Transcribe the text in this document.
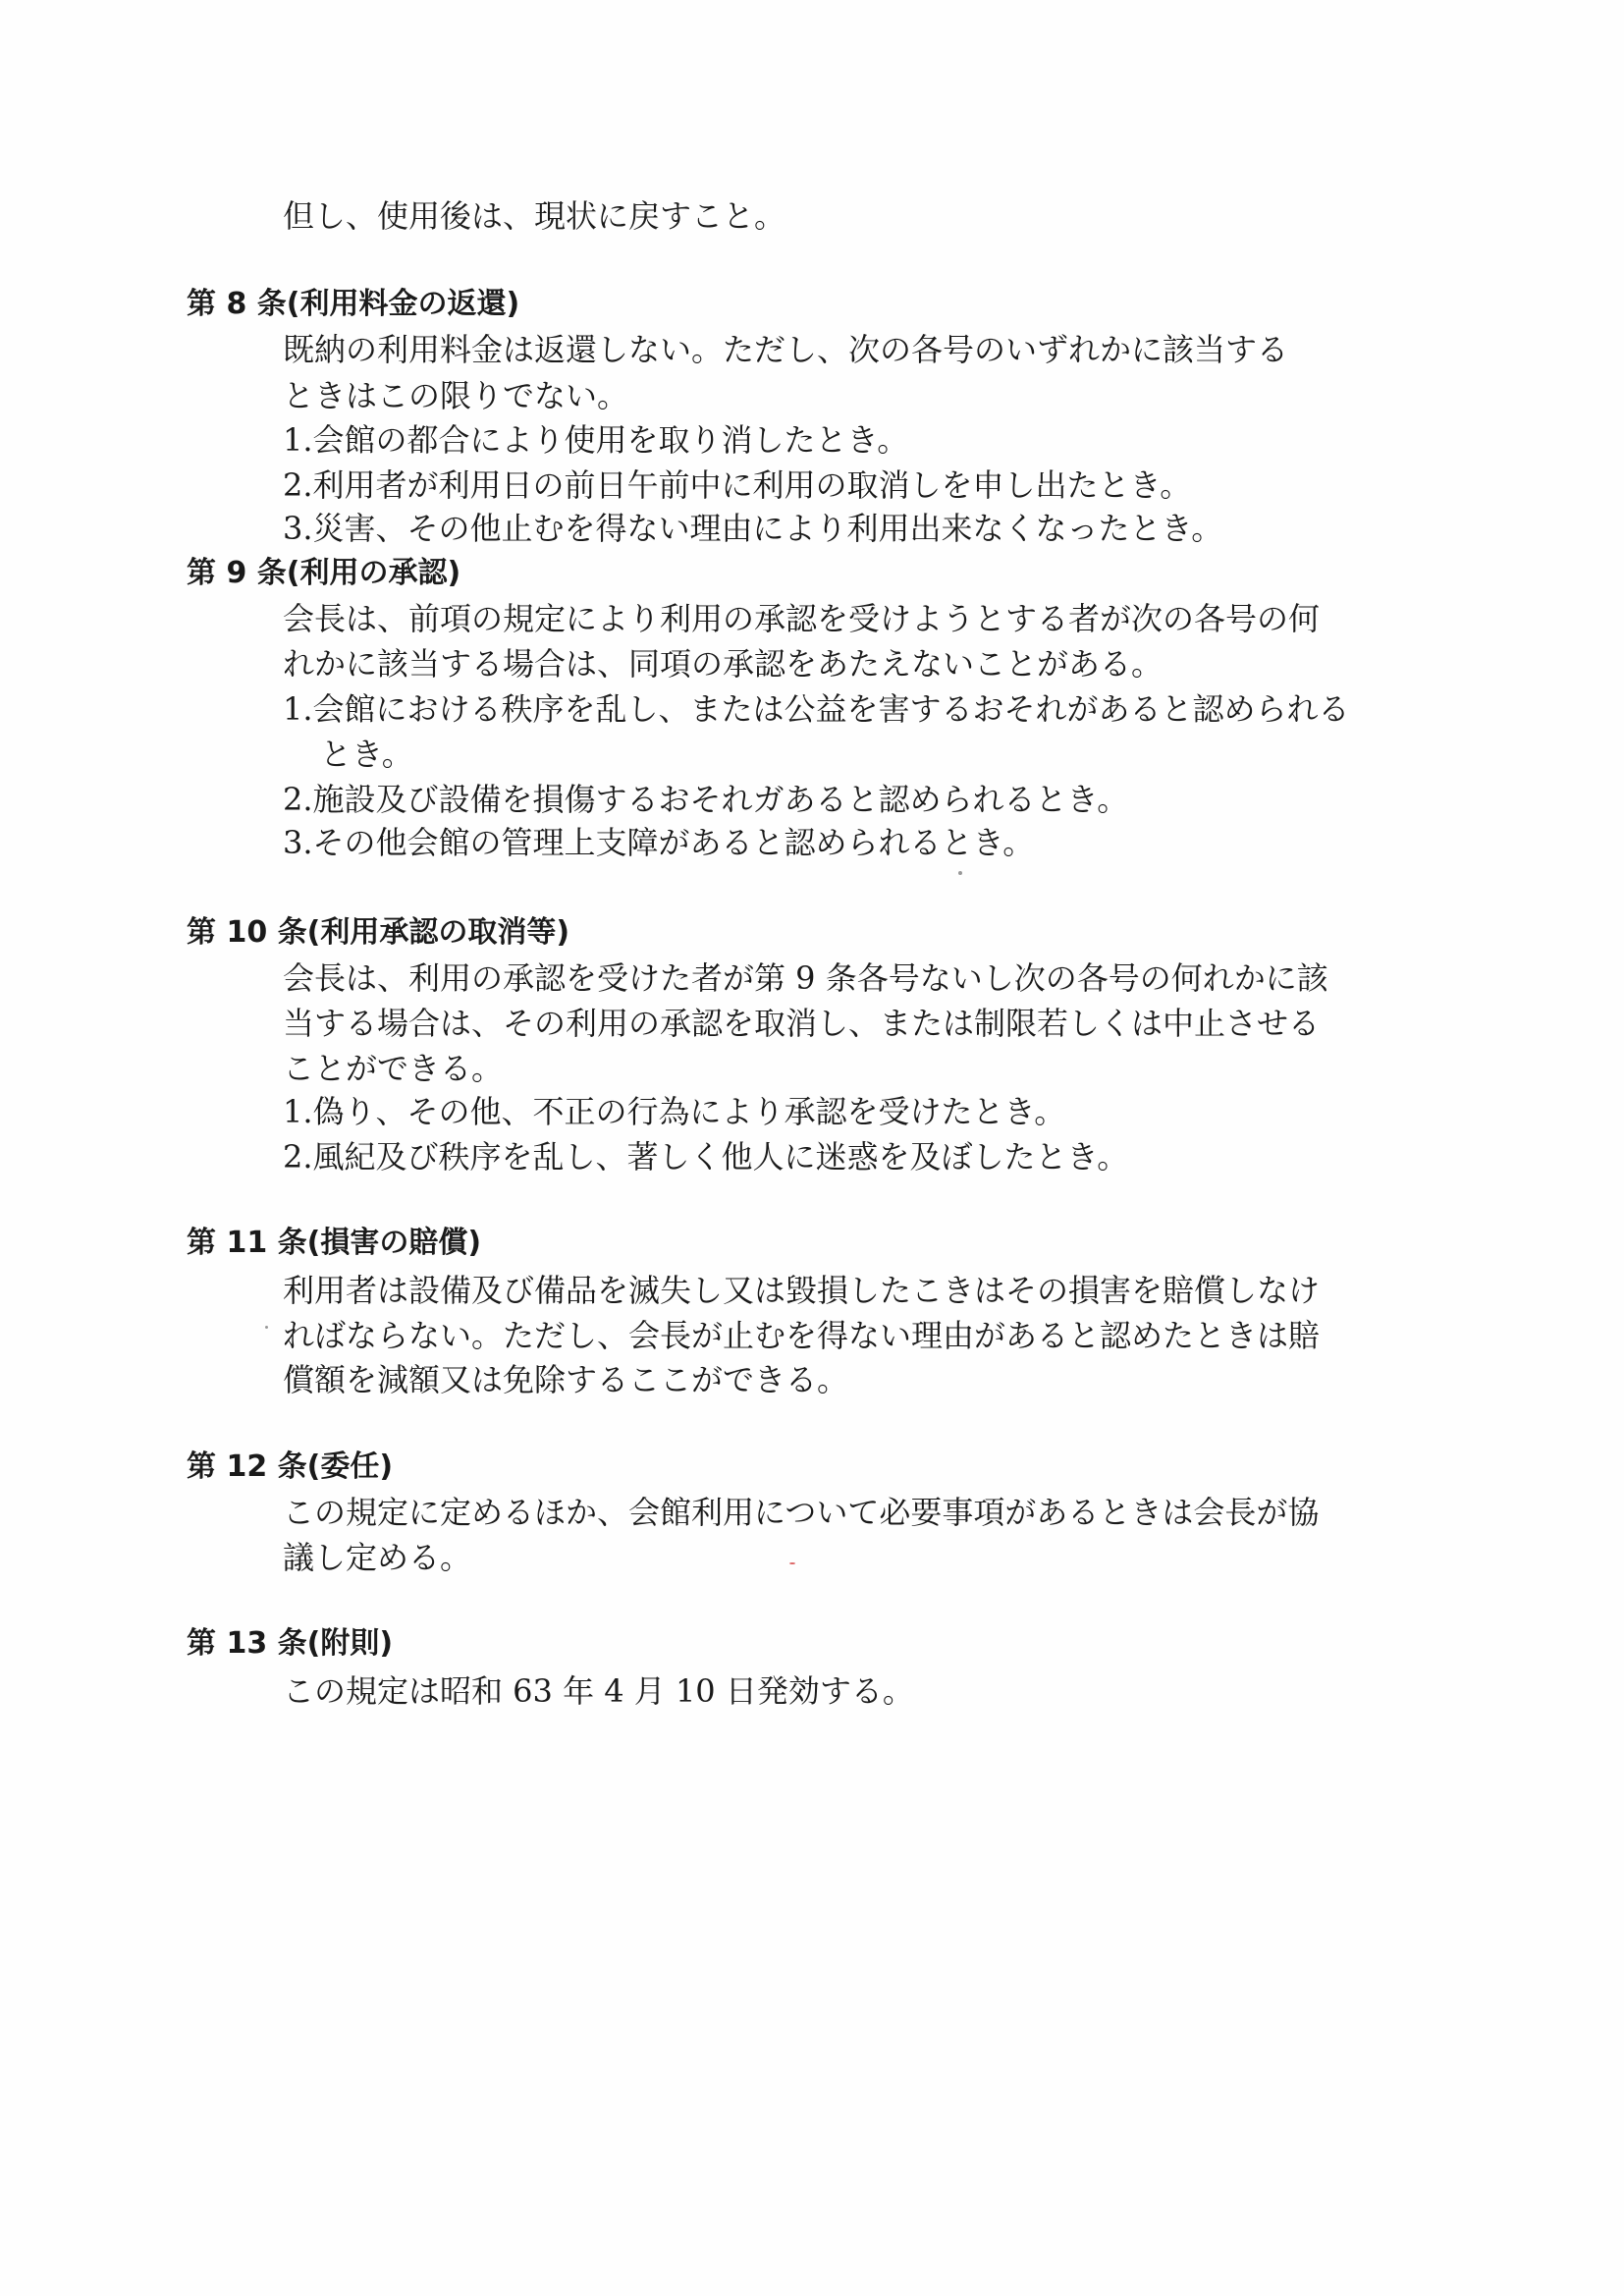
但し、使用後は、現状に戻すこと。
第 8 条(利用料金の返還)
既納の利用料金は返還しない。ただし、次の各号のいずれかに該当する
ときはこの限りでない。
1.会館の都合により使用を取り消したとき。
2.利用者が利用日の前日午前中に利用の取消しを申し出たとき。
3.災害、その他止むを得ない理由により利用出来なくなったとき。
第 9 条(利用の承認)
会長は、前項の規定により利用の承認を受けようとする者が次の各号の何
れかに該当する場合は、同項の承認をあたえないことがある。
1.会館における秩序を乱し、または公益を害するおそれがあると認められる
とき。
2.施設及び設備を損傷するおそれガあると認められるとき。
3.その他会館の管理上支障があると認められるとき。
第 10 条(利用承認の取消等)
会長は、利用の承認を受けた者が第 9 条各号ないし次の各号の何れかに該
当する場合は、その利用の承認を取消し、または制限若しくは中止させる
ことができる。
1.偽り、その他、不正の行為により承認を受けたとき。
2.風紀及び秩序を乱し、著しく他人に迷惑を及ぼしたとき。
第 11 条(損害の賠償)
利用者は設備及び備品を滅失し又は毀損したこきはその損害を賠償しなけ
ればならない。ただし、会長が止むを得ない理由があると認めたときは賠
償額を減額又は免除するここができる。
第 12 条(委任)
この規定に定めるほか、会館利用について必要事項があるときは会長が協
議し定める。
第 13 条(附則)
この規定は昭和 63 年 4 月 10 日発効する。
